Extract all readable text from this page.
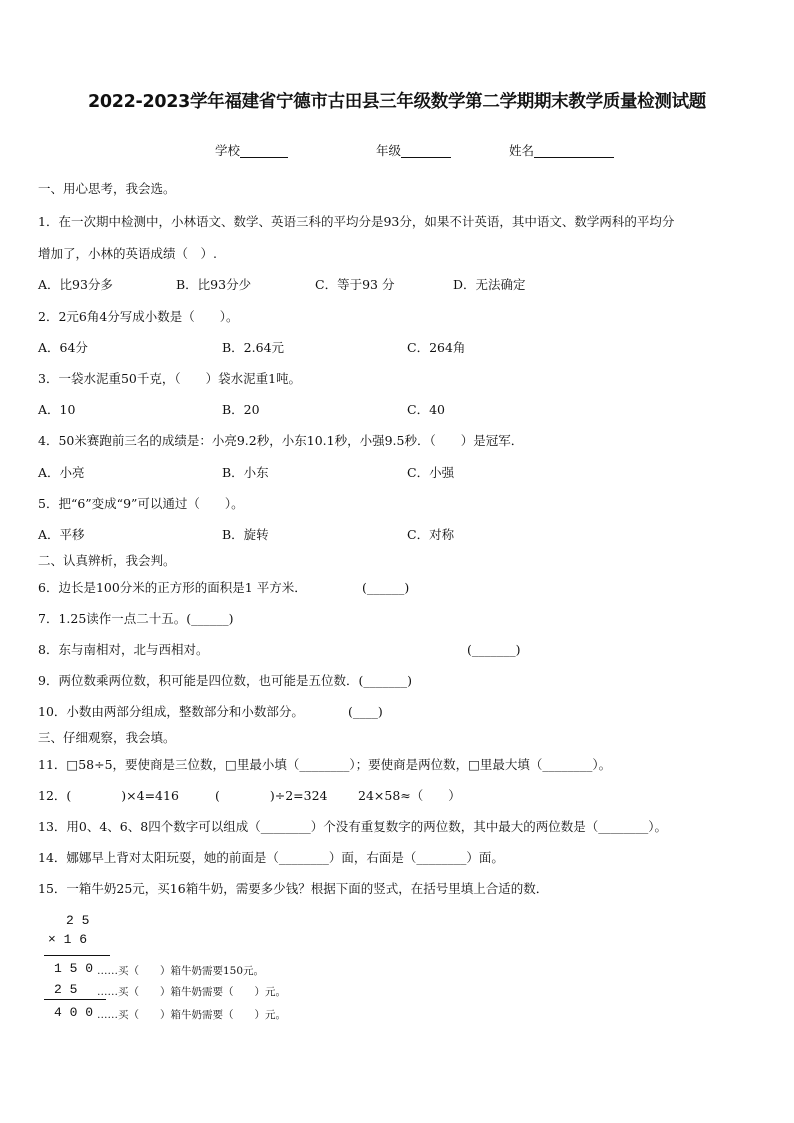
2022-2023学年福建省宁德市古田县三年级数学第二学期期末教学质量检测试题
学校	年级	姓名
一、用心思考，我会选。
1．在一次期中检测中，小林语文、数学、英语三科的平均分是93分，如果不计英语，其中语文、数学两科的平均分
增加了，小林的英语成绩（　）.
A．比93分多	B．比93分少	C．等于93 分	D．无法确定
2．2元6角4分写成小数是（　　）。
A．64分	B．2.64元	C．264角
3．一袋水泥重50千克，（　　）袋水泥重1吨。
A．10	B．20	C．40
4．50米赛跑前三名的成绩是：小亮9.2秒，小东10.1秒，小强9.5秒．（　　）是冠军．
A．小亮	B．小东	C．小强
5．把“6”变成“9”可以通过（　　）。
A．平移	B．旋转	C．对称
二、认真辨析，我会判。
6．边长是100分米的正方形的面积是1 平方米．	(______)
7．1.25读作一点二十五。(______)
8．东与南相对，北与西相对。	(_______)
9．两位数乘两位数，积可能是四位数，也可能是五位数．(_______)
10．小数由两部分组成，整数部分和小数部分。	(____)
三、仔细观察，我会填。
11．□58÷5，要使商是三位数，□里最小填（________）；要使商是两位数，□里最大填（________）。
12．(　　　　)×4=416	(　　　　)÷2=324 24×58≈（　　）
13．用0、4、6、8四个数字可以组成（________）个没有重复数字的两位数，其中最大的两位数是（________）。
14．娜娜早上背对太阳玩耍，她的前面是（________）面，右面是（________）面。
15．一箱牛奶25元，买16箱牛奶，需要多少钱？根据下面的竖式，在括号里填上合适的数．
2 5
× 1 6
1 5 0 ……买（　　）箱牛奶需要150元。
2 5 ……买（　　）箱牛奶需要（　　）元。
4 0 0 ……买（　　）箱牛奶需要（　　）元。
